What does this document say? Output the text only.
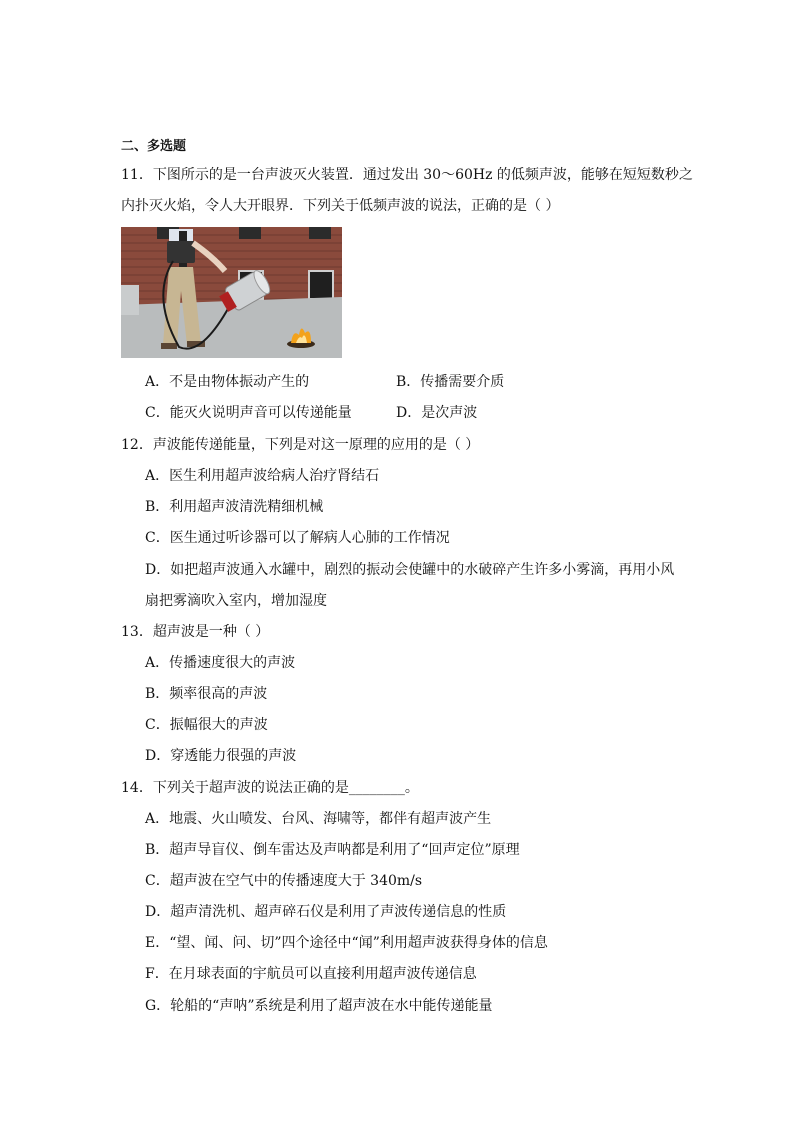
二、多选题
11．下图所示的是一台声波灭火装置．通过发出 30～60Hz 的低频声波，能够在短短数秒之
内扑灭火焰，令人大开眼界．下列关于低频声波的说法，正确的是（ ）
A．不是由物体振动产生的	B．传播需要介质
C．能灭火说明声音可以传递能量	D．是次声波
12．声波能传递能量，下列是对这一原理的应用的是（ ）
A．医生利用超声波给病人治疗肾结石
B．利用超声波清洗精细机械
C．医生通过听诊器可以了解病人心肺的工作情况
D．如把超声波通入水罐中，剧烈的振动会使罐中的水破碎产生许多小雾滴，再用小风
扇把雾滴吹入室内，增加湿度
13．超声波是一种（ ）
A．传播速度很大的声波
B．频率很高的声波
C．振幅很大的声波
D．穿透能力很强的声波
14．下列关于超声波的说法正确的是________。
A．地震、火山喷发、台风、海啸等，都伴有超声波产生
B．超声导盲仪、倒车雷达及声呐都是利用了“回声定位”原理
C．超声波在空气中的传播速度大于 340m/s
D．超声清洗机、超声碎石仪是利用了声波传递信息的性质
E．“望、闻、问、切”四个途径中“闻”利用超声波获得身体的信息
F．在月球表面的宇航员可以直接利用超声波传递信息
G．轮船的“声呐”系统是利用了超声波在水中能传递能量
